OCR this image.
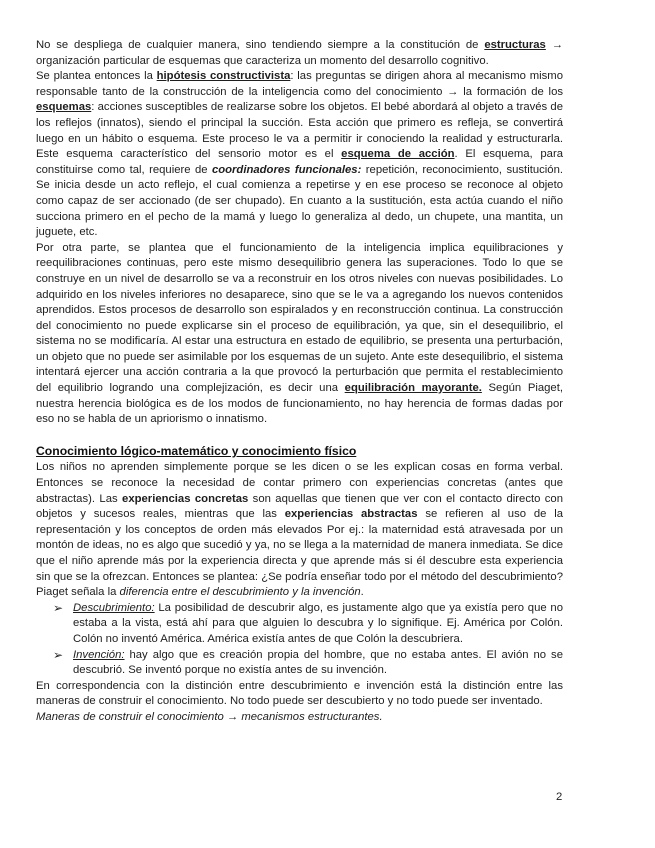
No se despliega de cualquier manera, sino tendiendo siempre a la constitución de estructuras → organización particular de esquemas que caracteriza un momento del desarrollo cognitivo.

Se plantea entonces la hipótesis constructivista: las preguntas se dirigen ahora al mecanismo mismo responsable tanto de la construcción de la inteligencia como del conocimiento → la formación de los esquemas: acciones susceptibles de realizarse sobre los objetos. El bebé abordará al objeto a través de los reflejos (innatos), siendo el principal la succión. Esta acción que primero es refleja, se convertirá luego en un hábito o esquema. Este proceso le va a permitir ir conociendo la realidad y estructurarla. Este esquema característico del sensorio motor es el esquema de acción. El esquema, para constituirse como tal, requiere de coordinadores funcionales: repetición, reconocimiento, sustitución. Se inicia desde un acto reflejo, el cual comienza a repetirse y en ese proceso se reconoce al objeto como capaz de ser accionado (de ser chupado). En cuanto a la sustitución, esta actúa cuando el niño succiona primero en el pecho de la mamá y luego lo generaliza al dedo, un chupete, una mantita, un juguete, etc.

Por otra parte, se plantea que el funcionamiento de la inteligencia implica equilibraciones y reequilibraciones continuas, pero este mismo desequilibrio genera las superaciones. Todo lo que se construye en un nivel de desarrollo se va a reconstruir en los otros niveles con nuevas posibilidades. Lo adquirido en los niveles inferiores no desaparece, sino que se le va a agregando los nuevos contenidos aprendidos. Estos procesos de desarrollo son espiralados y en reconstrucción continua. La construcción del conocimiento no puede explicarse sin el proceso de equilibración, ya que, sin el desequilibrio, el sistema no se modificaría. Al estar una estructura en estado de equilibrio, se presenta una perturbación, un objeto que no puede ser asimilable por los esquemas de un sujeto. Ante este desequilibrio, el sistema intentará ejercer una acción contraria a la que provocó la perturbación que permita el restablecimiento del equilibrio logrando una complejización, es decir una equilibración mayorante. Según Piaget, nuestra herencia biológica es de los modos de funcionamiento, no hay herencia de formas dadas por eso no se habla de un apriorismo o innatismo.

Conocimiento lógico-matemático y conocimiento físico

Los niños no aprenden simplemente porque se les dicen o se les explican cosas en forma verbal. Entonces se reconoce la necesidad de contar primero con experiencias concretas (antes que abstractas). Las experiencias concretas son aquellas que tienen que ver con el contacto directo con objetos y sucesos reales, mientras que las experiencias abstractas se refieren al uso de la representación y los conceptos de orden más elevados Por ej.: la maternidad está atravesada por un montón de ideas, no es algo que sucedió y ya, no se llega a la maternidad de manera inmediata. Se dice que el niño aprende más por la experiencia directa y que aprende más si él descubre esta experiencia sin que se la ofrezcan. Entonces se plantea: ¿Se podría enseñar todo por el método del descubrimiento? Piaget señala la diferencia entre el descubrimiento y la invención.

➢ Descubrimiento: La posibilidad de descubrir algo, es justamente algo que ya existía pero que no estaba a la vista, está ahí para que alguien lo descubra y lo signifique. Ej. América por Colón. Colón no inventó América. América existía antes de que Colón la descubriera.
➢ Invención: hay algo que es creación propia del hombre, que no estaba antes. El avión no se descubrió. Se inventó porque no existía antes de su invención.

En correspondencia con la distinción entre descubrimiento e invención está la distinción entre las maneras de construir el conocimiento. No todo puede ser descubierto y no todo puede ser inventado.

Maneras de construir el conocimiento → mecanismos estructurantes.

2
